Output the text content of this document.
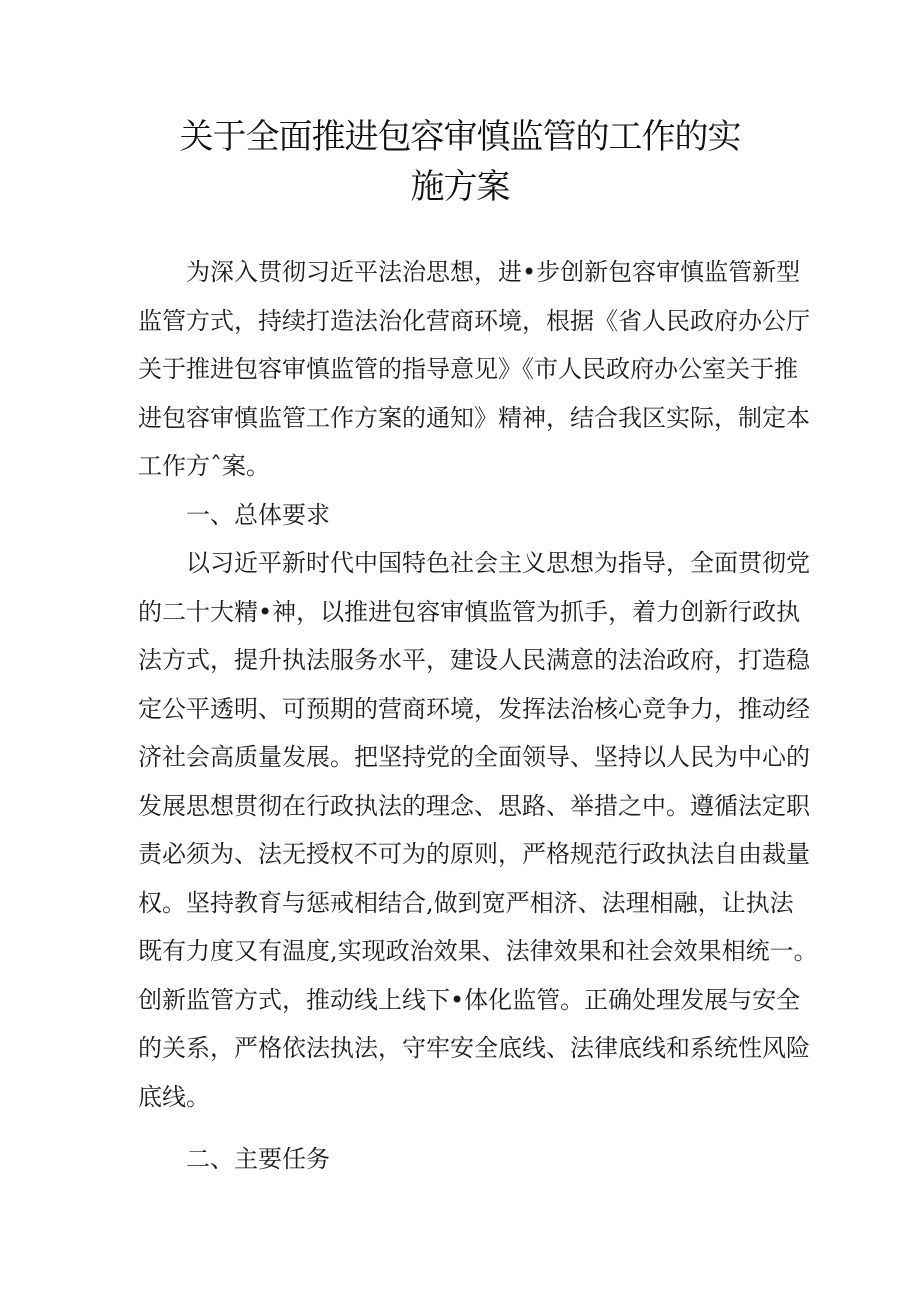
关于全面推进包容审慎监管的工作的实
施方案
为深入贯彻习近平法治思想，进•步创新包容审慎监管新型
监管方式，持续打造法治化营商环境，根据《省人民政府办公厅
关于推进包容审慎监管的指导意见》《市人民政府办公室关于推
进包容审慎监管工作方案的通知》精神，结合我区实际，制定本
工作方ˆ案。
一、总体要求
以习近平新时代中国特色社会主义思想为指导，全面贯彻党
的二十大精•神，以推进包容审慎监管为抓手，着力创新行政执
法方式，提升执法服务水平，建设人民满意的法治政府，打造稳
定公平透明、可预期的营商环境，发挥法治核心竞争力，推动经
济社会高质量发展。把坚持党的全面领导、坚持以人民为中心的
发展思想贯彻在行政执法的理念、思路、举措之中。遵循法定职
责必须为、法无授权不可为的原则，严格规范行政执法自由裁量
权。坚持教育与惩戒相结合,做到宽严相济、法理相融，让执法
既有力度又有温度,实现政治效果、法律效果和社会效果相统一。
创新监管方式，推动线上线下•体化监管。正确处理发展与安全
的关系，严格依法执法，守牢安全底线、法律底线和系统性风险
底线。
二、主要任务
